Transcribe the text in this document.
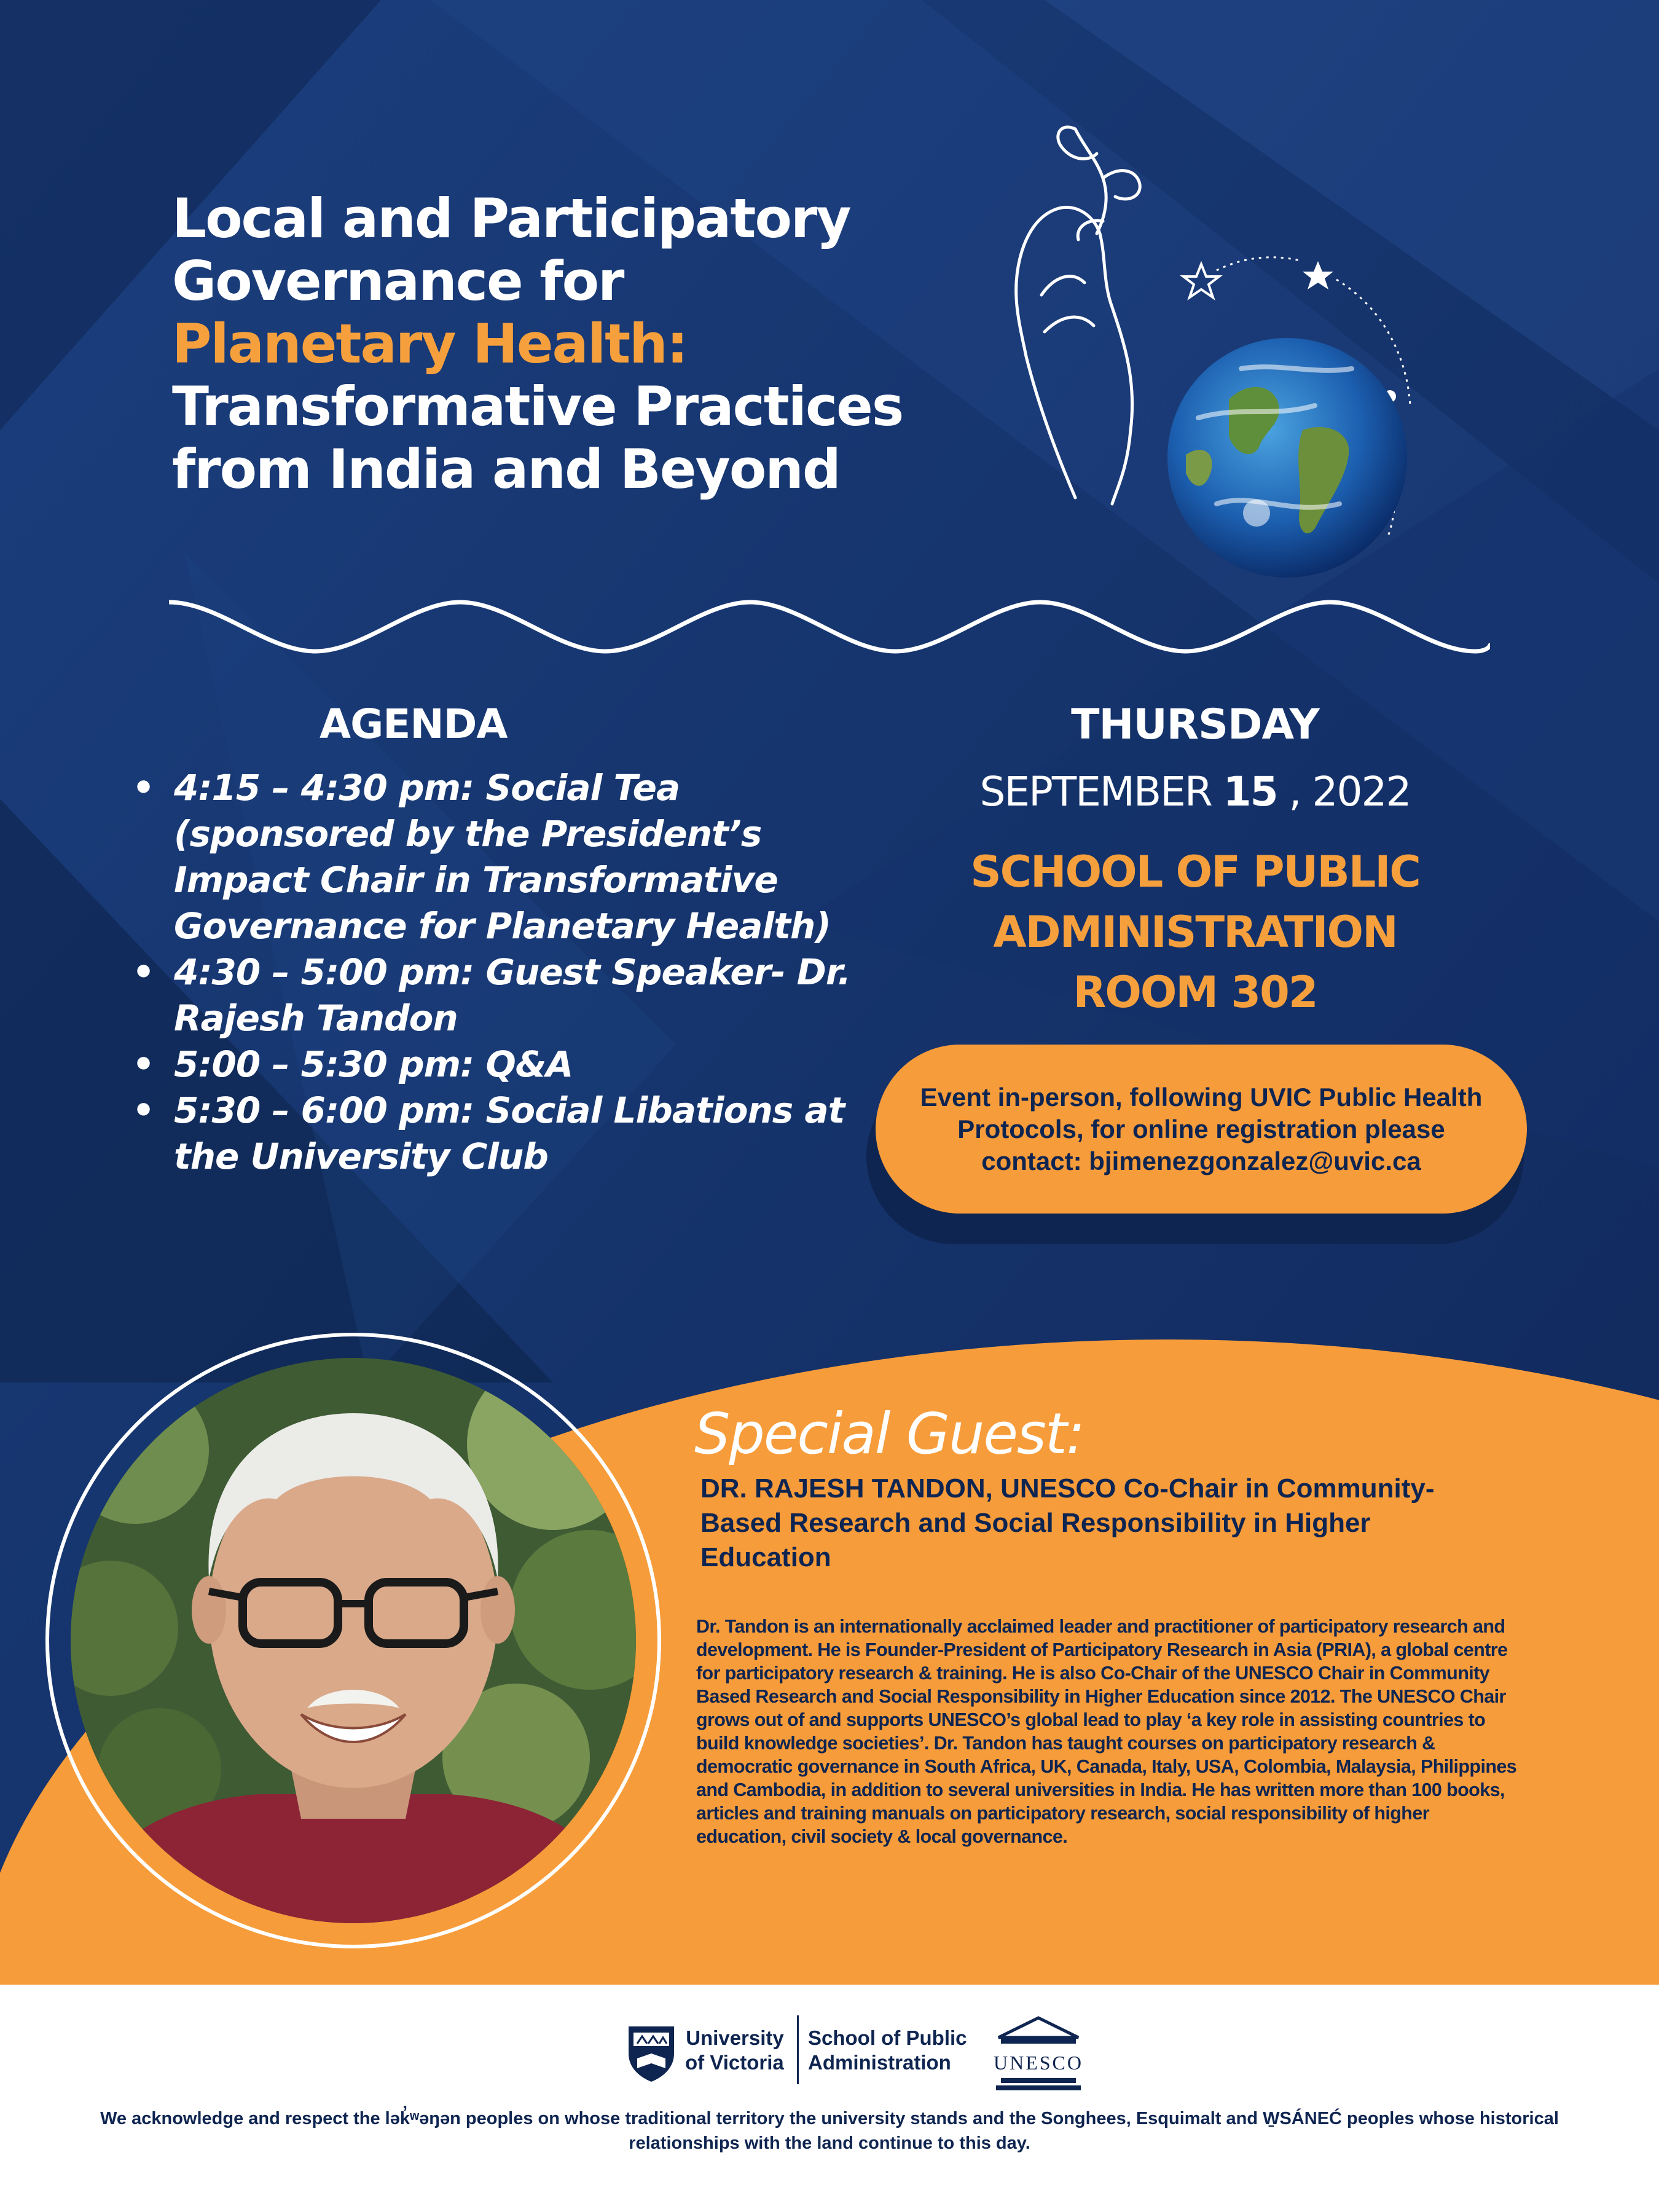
Local and Participatory
Governance for
Planetary Health:
Transformative Practices
from India and Beyond
AGENDA
• 4:15 – 4:30 pm: Social Tea (sponsored by the President’s Impact Chair in Transformative Governance for Planetary Health)
• 4:30 – 5:00 pm: Guest Speaker- Dr. Rajesh Tandon
• 5:00 – 5:30 pm: Q&A
• 5:30 – 6:00 pm: Social Libations at the University Club
THURSDAY
SEPTEMBER 15 , 2022
SCHOOL OF PUBLIC
ADMINISTRATION
ROOM 302
Event in-person, following UVIC Public Health Protocols, for online registration please contact: bjimenezgonzalez@uvic.ca
Special Guest:

DR. RAJESH TANDON, UNESCO Co-Chair in Community-Based Research and Social Responsibility in Higher Education

Dr. Tandon is an internationally acclaimed leader and practitioner of participatory research and development. He is Founder-President of Participatory Research in Asia (PRIA), a global centre for participatory research & training. He is also Co-Chair of the UNESCO Chair in Community Based Research and Social Responsibility in Higher Education since 2012. The UNESCO Chair grows out of and supports UNESCO’s global lead to play ‘a key role in assisting countries to build knowledge societies’. Dr. Tandon has taught courses on participatory research & democratic governance in South Africa, UK, Canada, Italy, USA, Colombia, Malaysia, Philippines and Cambodia, in addition to several universities in India. He has written more than 100 books, articles and training manuals on participatory research, social responsibility of higher education, civil society & local governance.

University
of Victoria
School of Public
Administration	UNESCO

We acknowledge and respect the lək̓ʷəŋən peoples on whose traditional territory the university stands and the Songhees, Esquimalt and W̱SÁNEĆ peoples whose historical relationships with the land continue to this day.
